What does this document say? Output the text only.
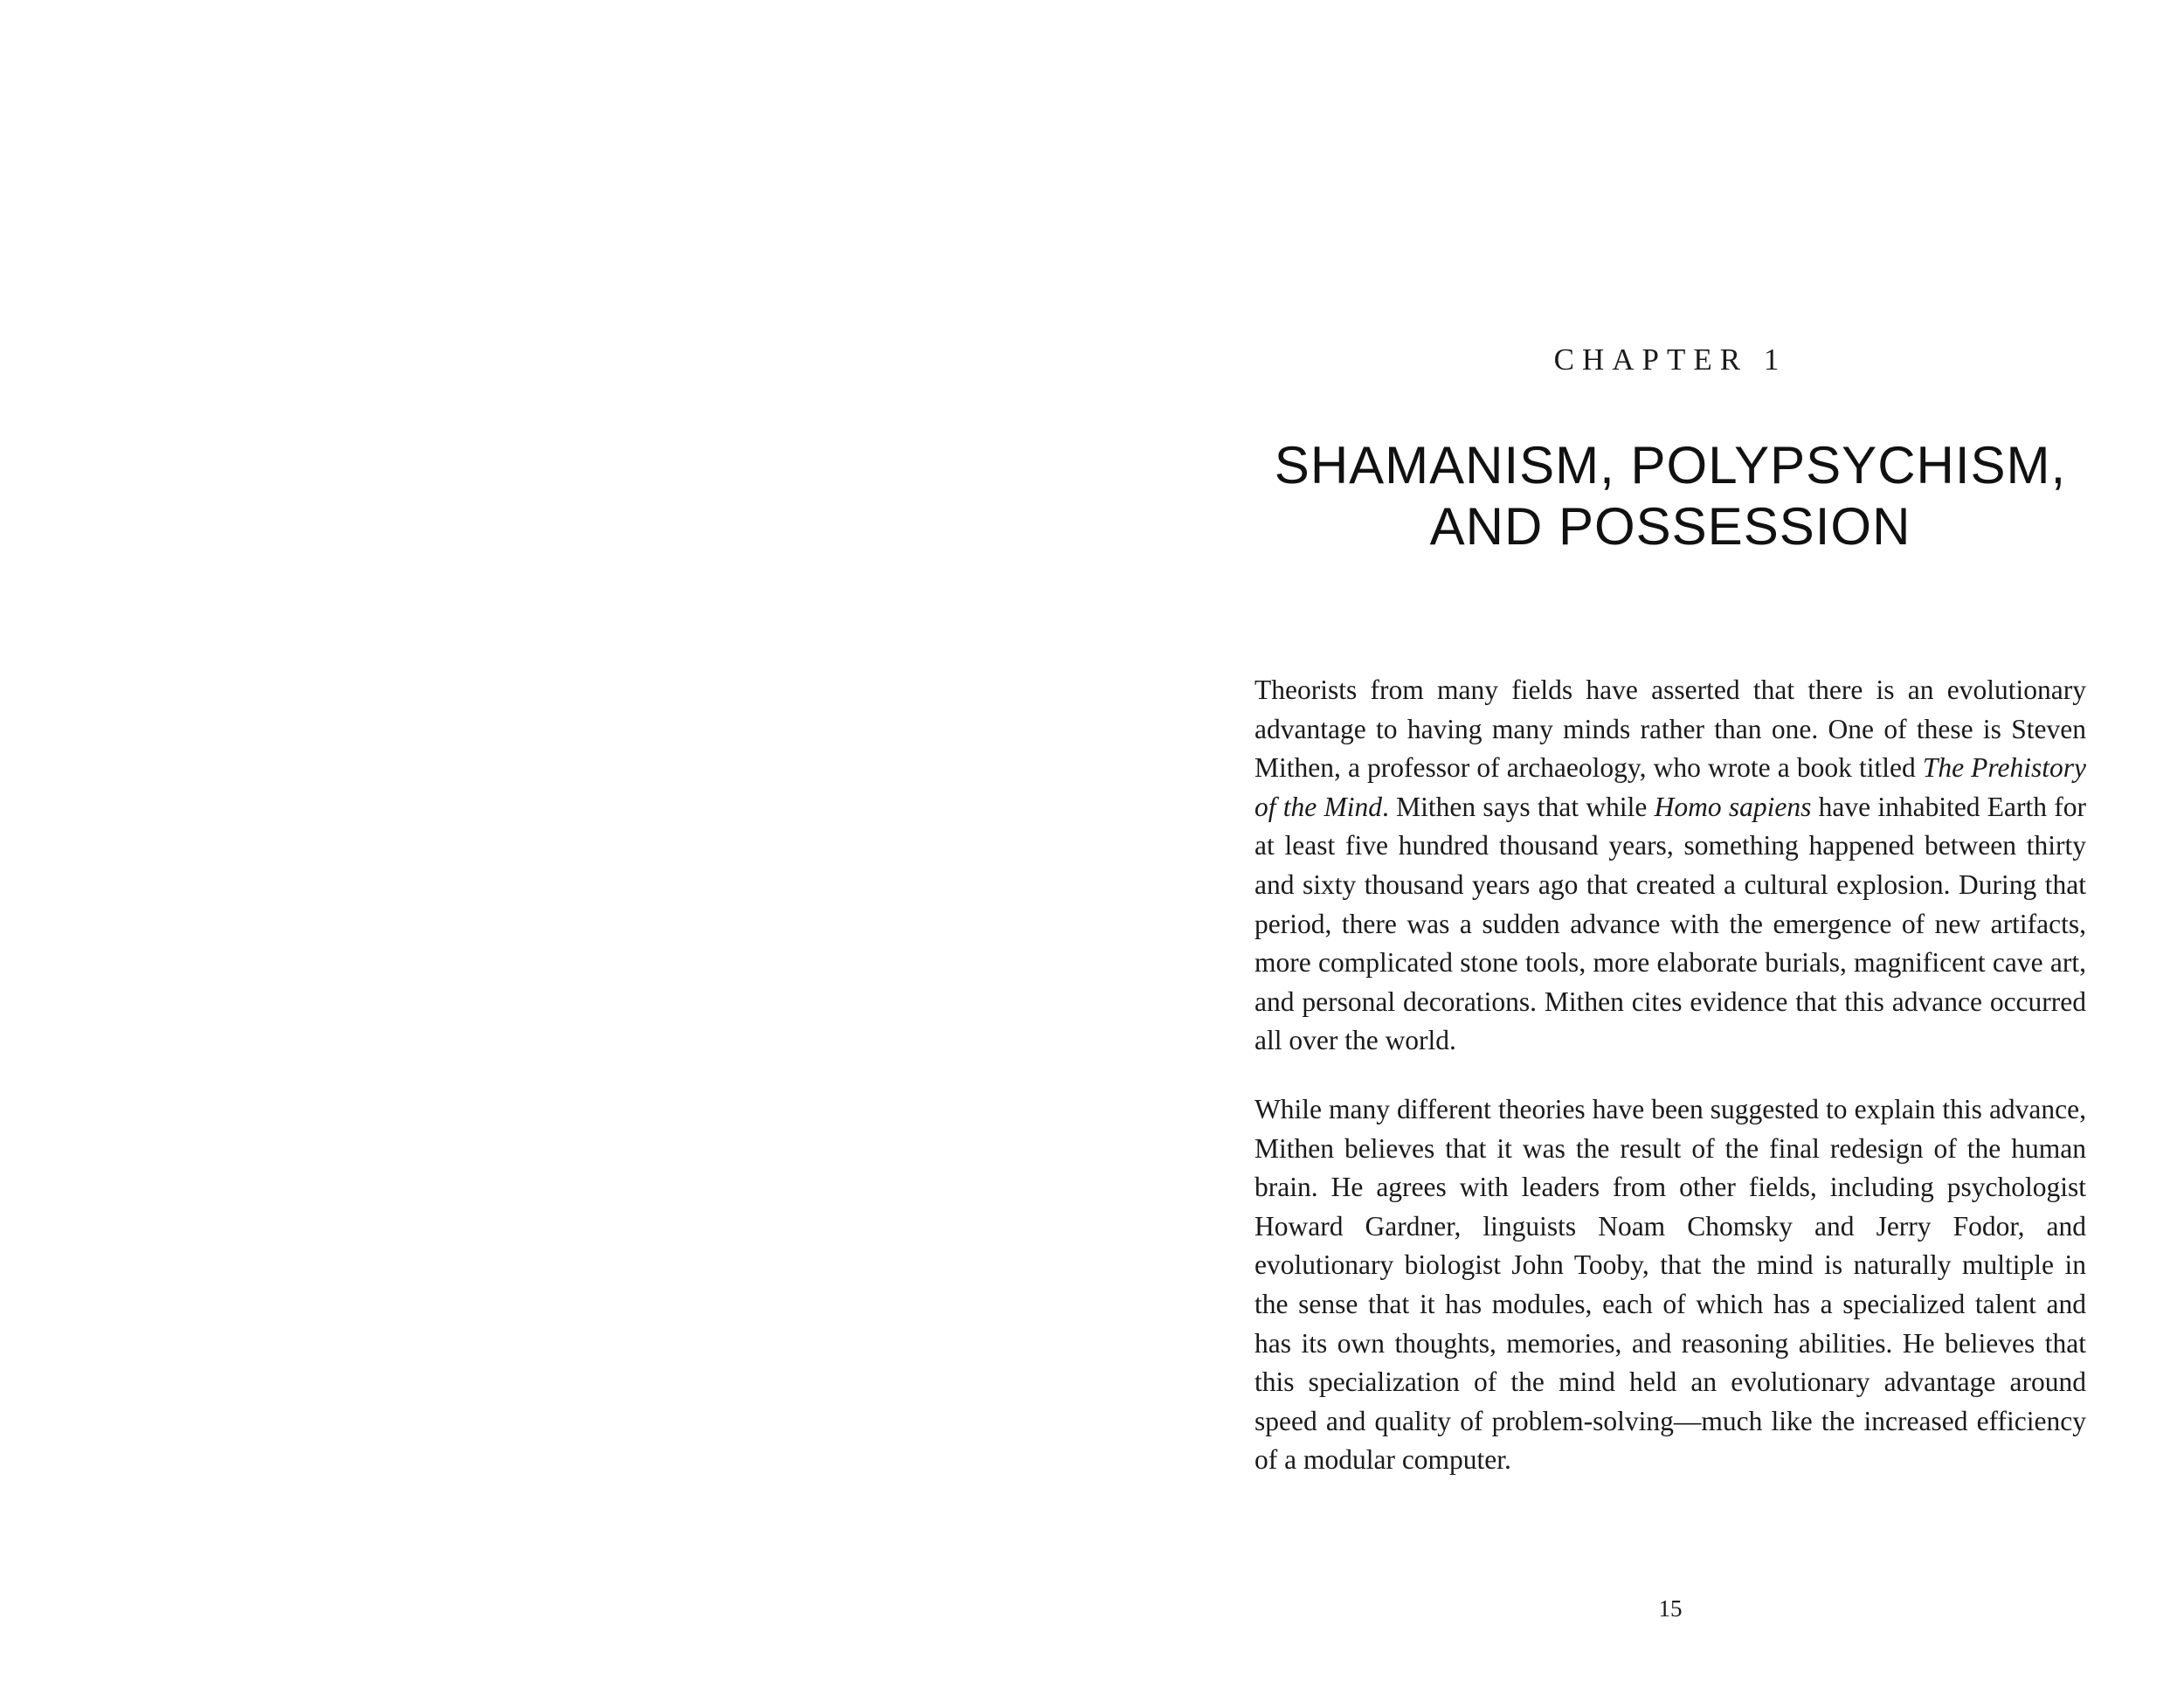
CHAPTER 1
SHAMANISM, POLYPSYCHISM,
AND POSSESSION

Theorists from many fields have asserted that there is an evolutionary advantage to having many minds rather than one. One of these is Steven Mithen, a professor of archaeology, who wrote a book titled The Prehistory of the Mind. Mithen says that while Homo sapiens have inhabited Earth for at least five hundred thousand years, something happened between thirty and sixty thousand years ago that created a cultural explosion. During that period, there was a sudden advance with the emergence of new artifacts, more complicated stone tools, more elaborate burials, magnificent cave art, and personal decorations. Mithen cites evidence that this advance occurred all over the world.

While many different theories have been suggested to explain this advance, Mithen believes that it was the result of the final redesign of the human brain. He agrees with leaders from other fields, including psychologist Howard Gardner, linguists Noam Chomsky and Jerry Fodor, and evolutionary biologist John Tooby, that the mind is naturally multiple in the sense that it has modules, each of which has a specialized talent and has its own thoughts, memories, and reasoning abilities. He believes that this specialization of the mind held an evolutionary advantage around speed and quality of problem-solving—much like the increased efficiency of a modular computer.

15
